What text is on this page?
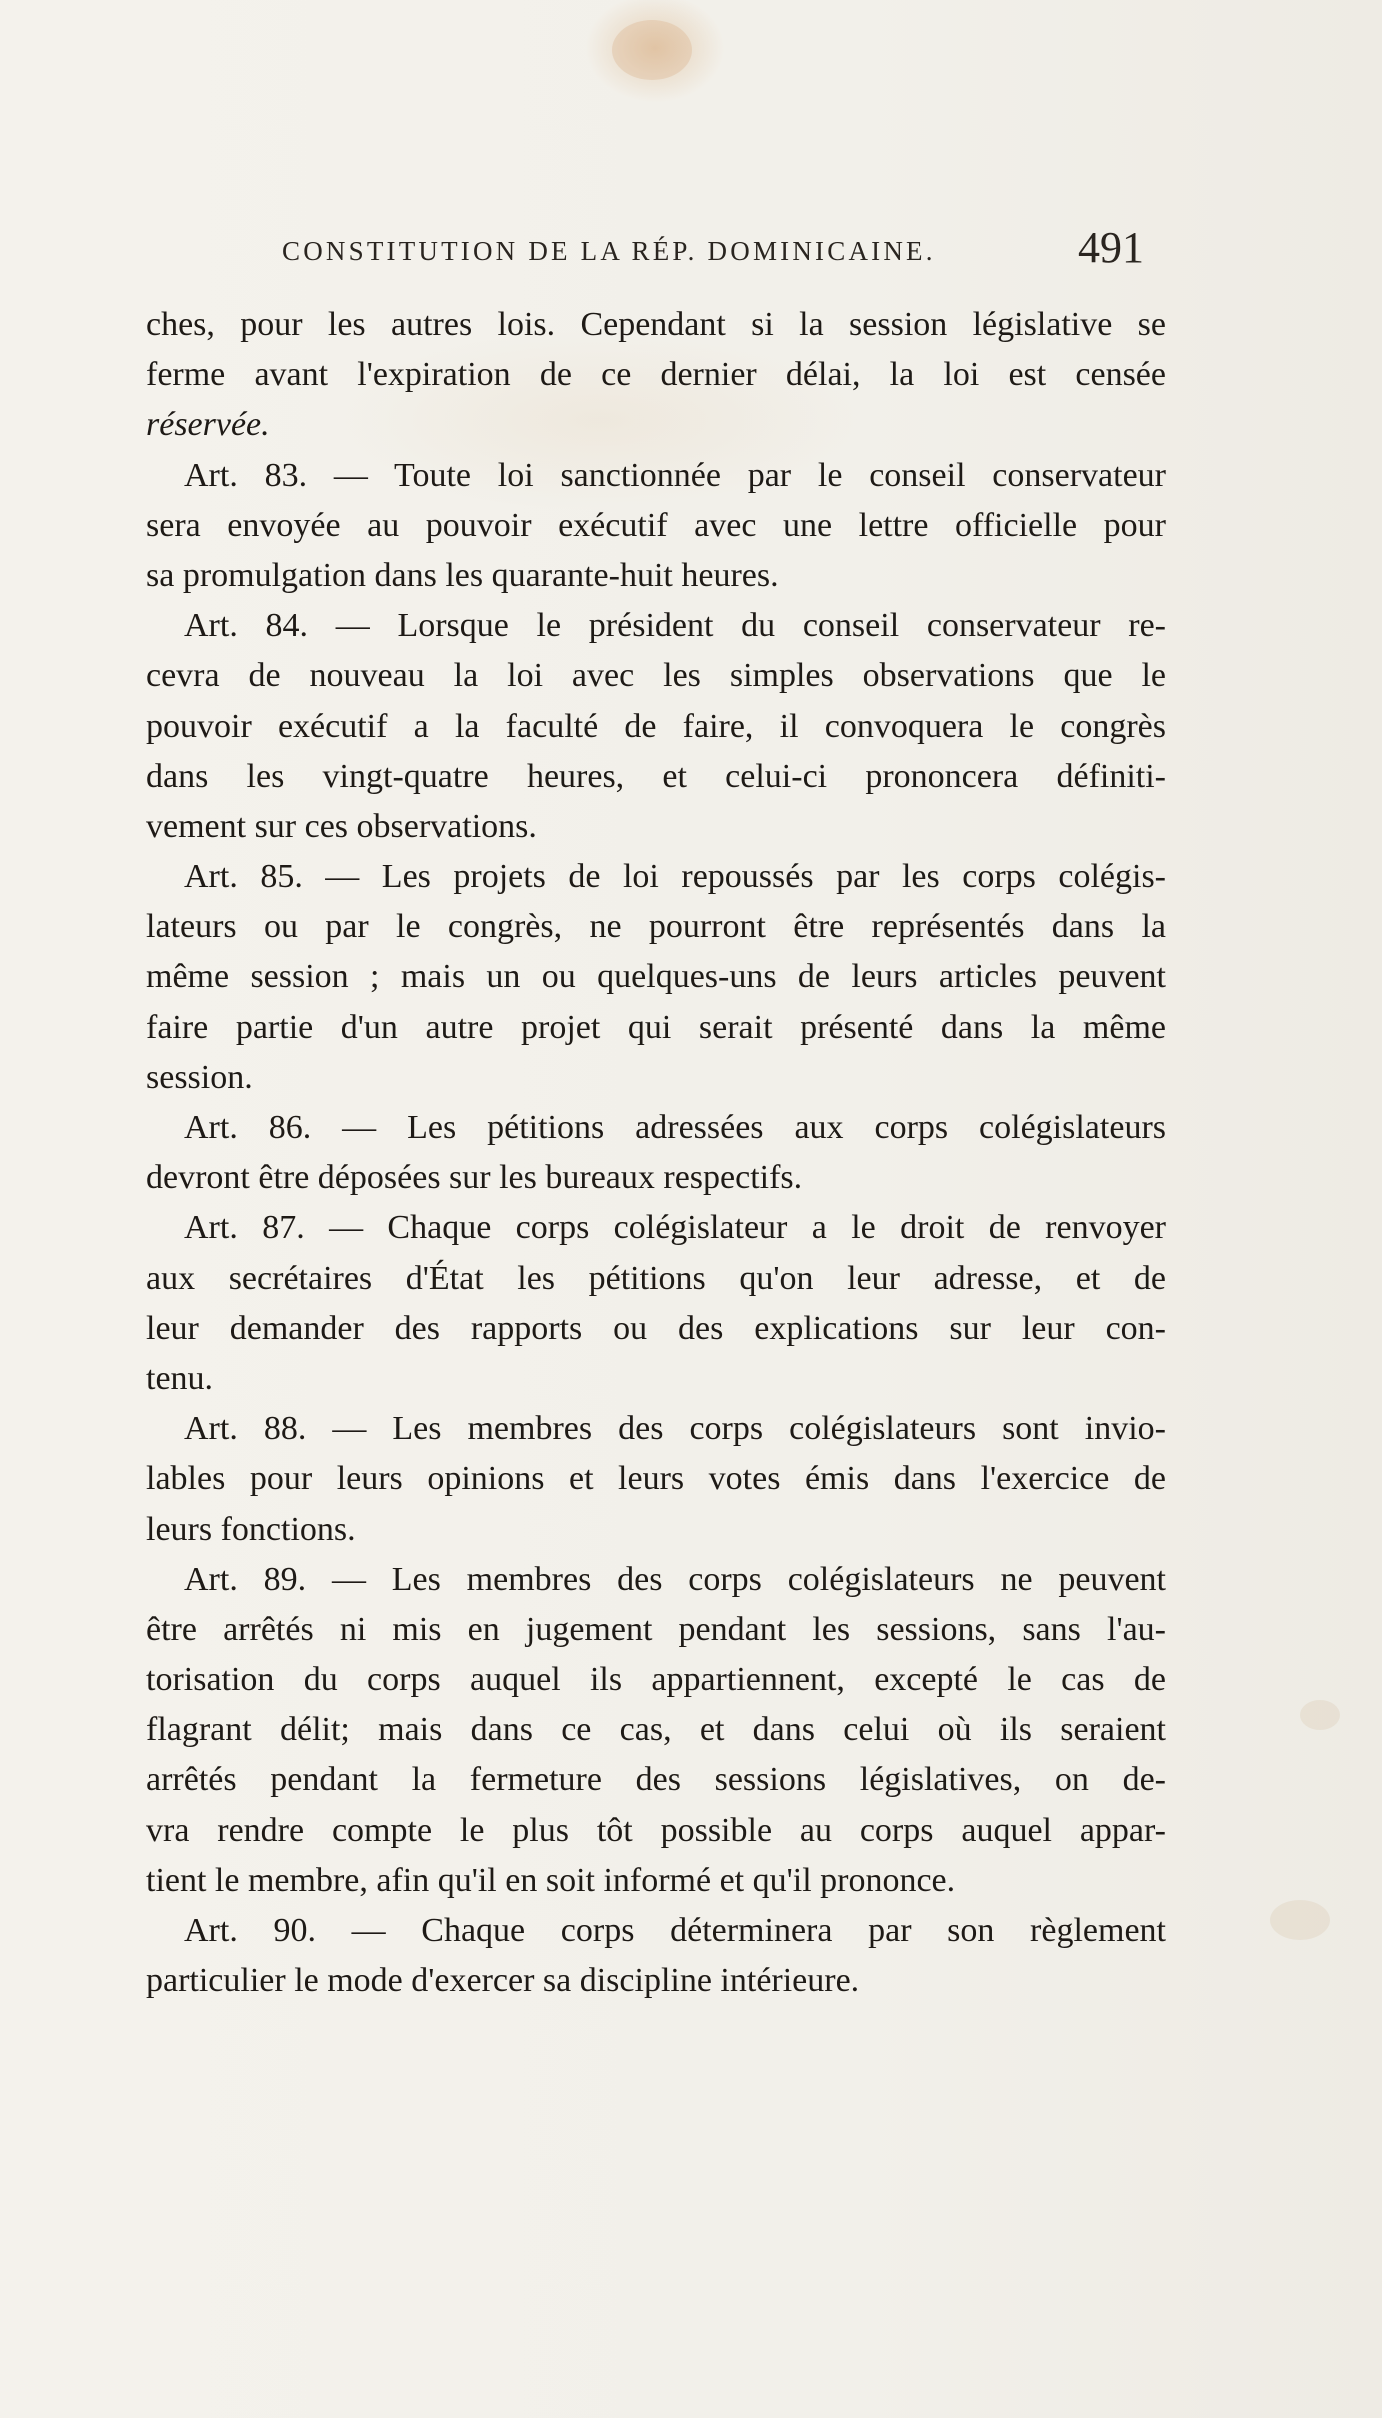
CONSTITUTION DE LA RÉP. DOMINICAINE.	491
ches, pour les autres lois. Cependant si la session législative se
ferme avant l'expiration de ce dernier délai, la loi est censée
réservée.
Art. 83. — Toute loi sanctionnée par le conseil conservateur
sera envoyée au pouvoir exécutif avec une lettre officielle pour
sa promulgation dans les quarante-huit heures.
Art. 84. — Lorsque le président du conseil conservateur re-
cevra de nouveau la loi avec les simples observations que le
pouvoir exécutif a la faculté de faire, il convoquera le congrès
dans les vingt-quatre heures, et celui-ci prononcera définiti-
vement sur ces observations.
Art. 85. — Les projets de loi repoussés par les corps colégis-
lateurs ou par le congrès, ne pourront être représentés dans la
même session ; mais un ou quelques-uns de leurs articles peuvent
faire partie d'un autre projet qui serait présenté dans la même
session.
Art. 86. — Les pétitions adressées aux corps colégislateurs
devront être déposées sur les bureaux respectifs.
Art. 87. — Chaque corps colégislateur a le droit de renvoyer
aux secrétaires d'État les pétitions qu'on leur adresse, et de
leur demander des rapports ou des explications sur leur con-
tenu.
Art. 88. — Les membres des corps colégislateurs sont invio-
lables pour leurs opinions et leurs votes émis dans l'exercice de
leurs fonctions.
Art. 89. — Les membres des corps colégislateurs ne peuvent
être arrêtés ni mis en jugement pendant les sessions, sans l'au-
torisation du corps auquel ils appartiennent, excepté le cas de
flagrant délit; mais dans ce cas, et dans celui où ils seraient
arrêtés pendant la fermeture des sessions législatives, on de-
vra rendre compte le plus tôt possible au corps auquel appar-
tient le membre, afin qu'il en soit informé et qu'il prononce.
Art. 90. — Chaque corps déterminera par son règlement
particulier le mode d'exercer sa discipline intérieure.
